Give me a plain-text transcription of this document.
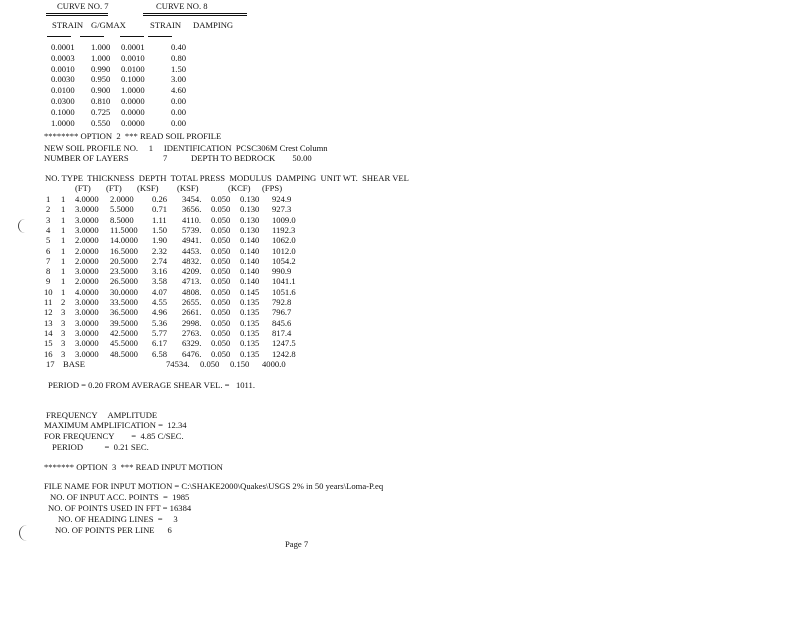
CURVE NO. 7	CURVE NO. 8
STRAIN G/GMAX	STRAIN DAMPING
0.0001 1.000 0.0001	0.40
0.0003 1.000 0.0010	0.80
0.0010 0.990 0.0100	1.50
0.0030 0.950 0.1000	3.00
0.0100 0.900 1.0000	4.60
0.0300 0.810 0.0000	0.00
0.1000 0.725 0.0000	0.00
1.0000 0.550 0.0000	0.00
******** OPTION  2  *** READ SOIL PROFILE
NEW SOIL PROFILE NO.     1     IDENTIFICATION  PCSC306M Crest Column
NUMBER OF LAYERS                7           DEPTH TO BEDROCK        50.00
NO. TYPE  THICKNESS  DEPTH  TOTAL PRESS  MODULUS  DAMPING  UNIT WT.  SHEAR VEL
(FT) (FT) (KSF) (KSF)	(KCF) (FPS)
1 1 4.0000 2.0000 0.26 3454. 0.050 0.130 924.9
2 1 3.0000 5.5000 0.71 3656. 0.050 0.130 927.3
3 1 3.0000 8.5000 1.11 4110. 0.050 0.130 1009.0
4 1 3.0000 11.5000 1.50 5739. 0.050 0.130 1192.3
5 1 2.0000 14.0000 1.90 4941. 0.050 0.140 1062.0
6 1 2.0000 16.5000 2.32 4453. 0.050 0.140 1012.0
7 1 2.0000 20.5000 2.74 4832. 0.050 0.140 1054.2
8 1 3.0000 23.5000 3.16 4209. 0.050 0.140 990.9
9 1 2.0000 26.5000 3.58 4713. 0.050 0.140 1041.1
10 1 4.0000 30.0000 4.07 4808. 0.050 0.145 1051.6
11 2 3.0000 33.5000 4.55 2655. 0.050 0.135 792.8
12 3 3.0000 36.5000 4.96 2661. 0.050 0.135 796.7
13 3 3.0000 39.5000 5.36 2998. 0.050 0.135 845.6
14 3 3.0000 42.5000 5.77 2763. 0.050 0.135 817.4
15 3 3.0000 45.5000 6.17 6329. 0.050 0.135 1247.5
16 3 3.0000 48.5000 6.58 6476. 0.050 0.135 1242.8
17 BASE	74534. 0.050 0.150 4000.0
PERIOD = 0.20 FROM AVERAGE SHEAR VEL. =   1011.
FREQUENCY     AMPLITUDE
MAXIMUM AMPLIFICATION =  12.34
FOR FREQUENCY        =  4.85 C/SEC.
PERIOD          =  0.21 SEC.
******* OPTION  3  *** READ INPUT MOTION
FILE NAME FOR INPUT MOTION = C:\SHAKE2000\Quakes\USGS 2% in 50 years\Loma-P.eq
NO. OF INPUT ACC. POINTS  =  1985
NO. OF POINTS USED IN FFT = 16384
NO. OF HEADING LINES  =     3
NO. OF POINTS PER LINE      6
Page 7
